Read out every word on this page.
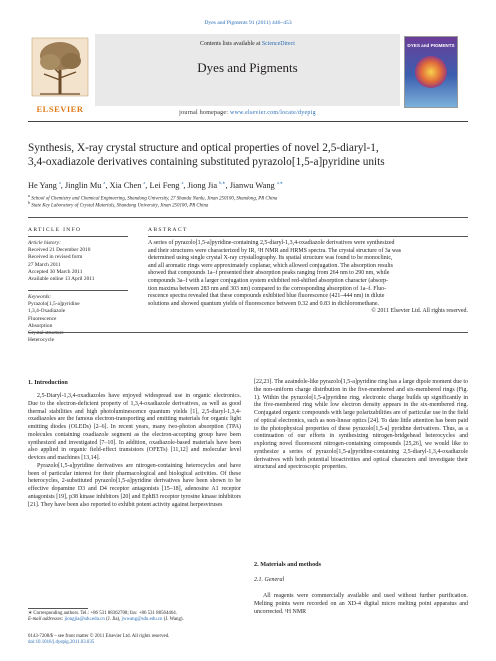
Dyes and Pigments 91 (2011) 446–453
ELSEVIER
Contents lists available at ScienceDirect
Dyes and Pigments
DYES and PIGMENTS
journal homepage: www.elsevier.com/locate/dyepig
Synthesis, X-ray crystal structure and optical properties of novel 2,5-diaryl-1,
3,4-oxadiazole derivatives containing substituted pyrazolo[1,5-a]pyridine units
He Yang $^a$, Jinglin Mu $^a$, Xia Chen $^a$, Lei Feng $^a$, Jiong Jia $^{b,∗}$, Jianwu Wang $^{a,∗}$
$^a$ School of Chemistry and Chemical Engineering, Shandong University, 27 Shanda Nanlu, Jinan 250100, Shandong, PR China
$^b$ State Key Laboratory of Crystal Materials, Shandong University, Jinan 250100, PR China
ARTICLE INFO
Article history:
Received 21 December 2010
Received in revised form
27 March 2011
Accepted 30 March 2011
Available online 13 April 2011
Keywords:
Pyrazolo[1,5-a]pyridine
1,3,4-Oxadiazole
Fluorescence
Absorption
Crystal structure
Heterocycle
ABSTRACT
A series of pyrazolo[1,5-a]pyridine-containing 2,5-diaryl-1,3,4-oxadiazole derivatives were synthesized
and their structures were characterized by IR, ¹H NMR and HRMS spectra. The crystal structure of 3a was
determined using single crystal X-ray crystallography. Its spatial structure was found to be monoclinic,
and all aromatic rings were approximately coplanar, which allowed conjugation. The absorption results
showed that compounds 1a–f presented their absorption peaks ranging from 264 nm to 290 nm, while
compounds 3a–f with a larger conjugation system exhibited red-shifted absorption character (absorp-
tion maxima between 283 nm and 303 nm) compared to the corresponding absorption of 1a–f. Fluo-
rescence spectra revealed that these compounds exhibited blue fluorescence (421–444 nm) in dilute
solutions and showed quantum yields of fluorescence between 0.32 and 0.83 in dichloromethane.
© 2011 Elsevier Ltd. All rights reserved.
1. Introduction

2,5-Diaryl-1,3,4-oxadiazoles have enjoyed widespread use in organic electronics. Due to the electron-deficient property of 1,3,4-oxadiazole derivatives, as well as good thermal stabilities and high photoluminescence quantum yields [1], 2,5-diaryl-1,3,4-oxadiazoles are the famous electron-transporting and emitting materials for organic light emitting diodes (OLEDs) [2–6]. In recent years, many two-photon absorption (TPA) molecules containing oxadiazole segment as the electron-accepting group have been synthesized and investigated [7–10]. In addition, oxadiazole-based materials have been also applied in organic field-effect transistors (OFETs) [11,12] and molecular level devices and machines [13,14].

Pyrazolo[1,5-a]pyridine derivatives are nitrogen-containing heterocycles and have been of particular interest for their pharmacological and biological activities. Of these heterocycles, 2-substituted pyrazolo[1,5-a]pyridine derivatives have been shown to be effective dopamine D3 and D4 receptor antagonists [15–18], adenosine A1 receptor antagonists [19], p38 kinase inhibitors [20] and EphB3 receptor tyrosine kinase inhibitors [21]. They have been also reported to exhibit potent activity against herpesviruses

[22,23]. The azaindole-like pyrazolo[1,5-a]pyridine ring has a large dipole moment due to the non-uniform charge distribution in the five-membered and six-membered rings (Fig. 1). Within the pyrazolo[1,5-a]pyridine ring, electronic charge builds up significantly in the five-membered ring while low electron density appears in the six-membered ring. Conjugated organic compounds with large polarizabilities are of particular use in the field of optical electronics, such as non-linear optics [24]. To date little attention has been paid to the photophysical properties of these pyrazolo[1,5-a] pyridine derivatives. Thus, as a continuation of our efforts in synthesizing nitrogen-bridgehead heterocycles and exploring novel fluorescent nitrogen-containing compounds [25,26], we would like to synthesize a series of pyrazolo[1,5-a]pyridine-containing 2,5-diaryl-1,3,4-oxadiazole derivatives with both potential bioactivities and optical characters and investigate their structural and spectroscopic properties.

2. Materials and methods
2.1. General

All reagents were commercially available and used without further purification. Melting points were recorded on an XD-4 digital micro melting point apparatus and uncorrected. ¹H NMR

∗ Corresponding authors. Tel.: +86 531 88362708; fax: +86 531 88564464.
E-mail addresses: jiongjia@sdu.edu.cn (J. Jia), jwwang@sdu.edu.cn (J. Wang).
0143-7208/$ – see front matter © 2011 Elsevier Ltd. All rights reserved.
doi:10.1016/j.dyepig.2011.03.035
